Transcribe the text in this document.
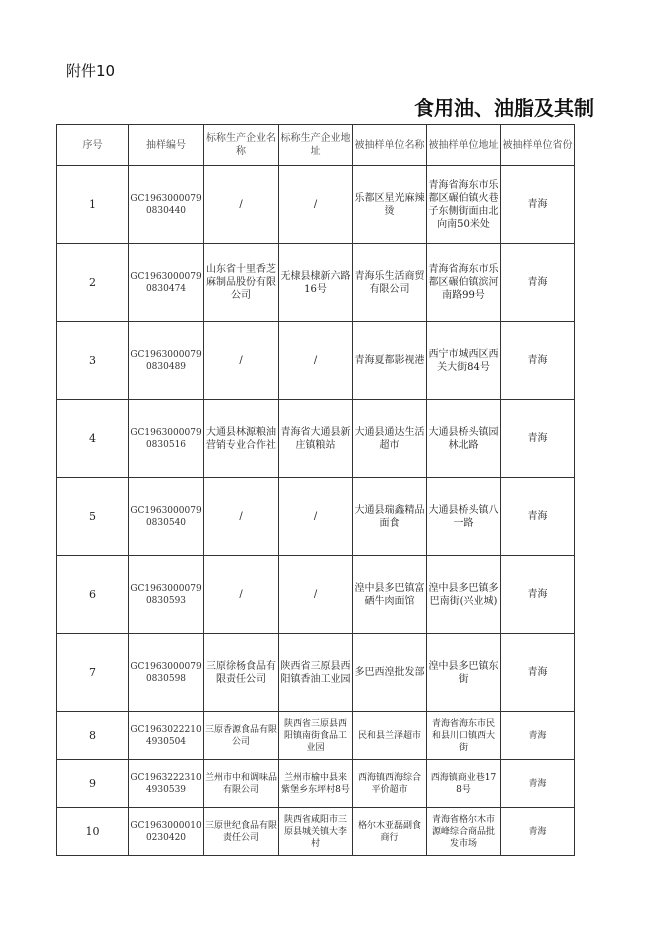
附件10
食用油、油脂及其制
序号	抽样编号	标称生产企业名称	标称生产企业地址	被抽样单位名称	被抽样单位地址	被抽样单位省份
1	GC19630000790830440	/	/	乐都区星光麻辣烫	青海省海东市乐都区碾伯镇火巷子东侧街面由北向南50米处	青海
2	GC19630000790830474	山东省十里香芝麻制品股份有限公司	无棣县棣新六路16号	青海乐生活商贸有限公司	青海省海东市乐都区碾伯镇滨河南路99号	青海
3	GC19630000790830489	/	/	青海夏都影视港	西宁市城西区西关大街84号	青海
4	GC19630000790830516	大通县林源粮油营销专业合作社	青海省大通县新庄镇粮站	大通县通达生活超市	大通县桥头镇园林北路	青海
5	GC19630000790830540	/	/	大通县瑞鑫精品面食	大通县桥头镇八一路	青海
6	GC19630000790830593	/	/	湟中县多巴镇富硒牛肉面馆	湟中县多巴镇多巴南街(兴业城)	青海
7	GC19630000790830598	三原徐杨食品有限责任公司	陕西省三原县西阳镇香油工业园	多巴西湟批发部	湟中县多巴镇东街	青海
8	GC19630222104930504	三原香源食品有限公司	陕西省三原县西阳镇南街食品工业园	民和县兰泽超市	青海省海东市民和县川口镇西大街	青海
9	GC19632223104930539	兰州市中和调味品有限公司	兰州市榆中县来紫堡乡东坪村8号	西海镇西海综合平价超市	西海镇商业巷178号	青海
10	GC19630000100230420	三原世纪食品有限责任公司	陕西省咸阳市三原县城关镇大李村	格尔木亚磊副食商行	青海省格尔木市源峰综合商品批发市场	青海
